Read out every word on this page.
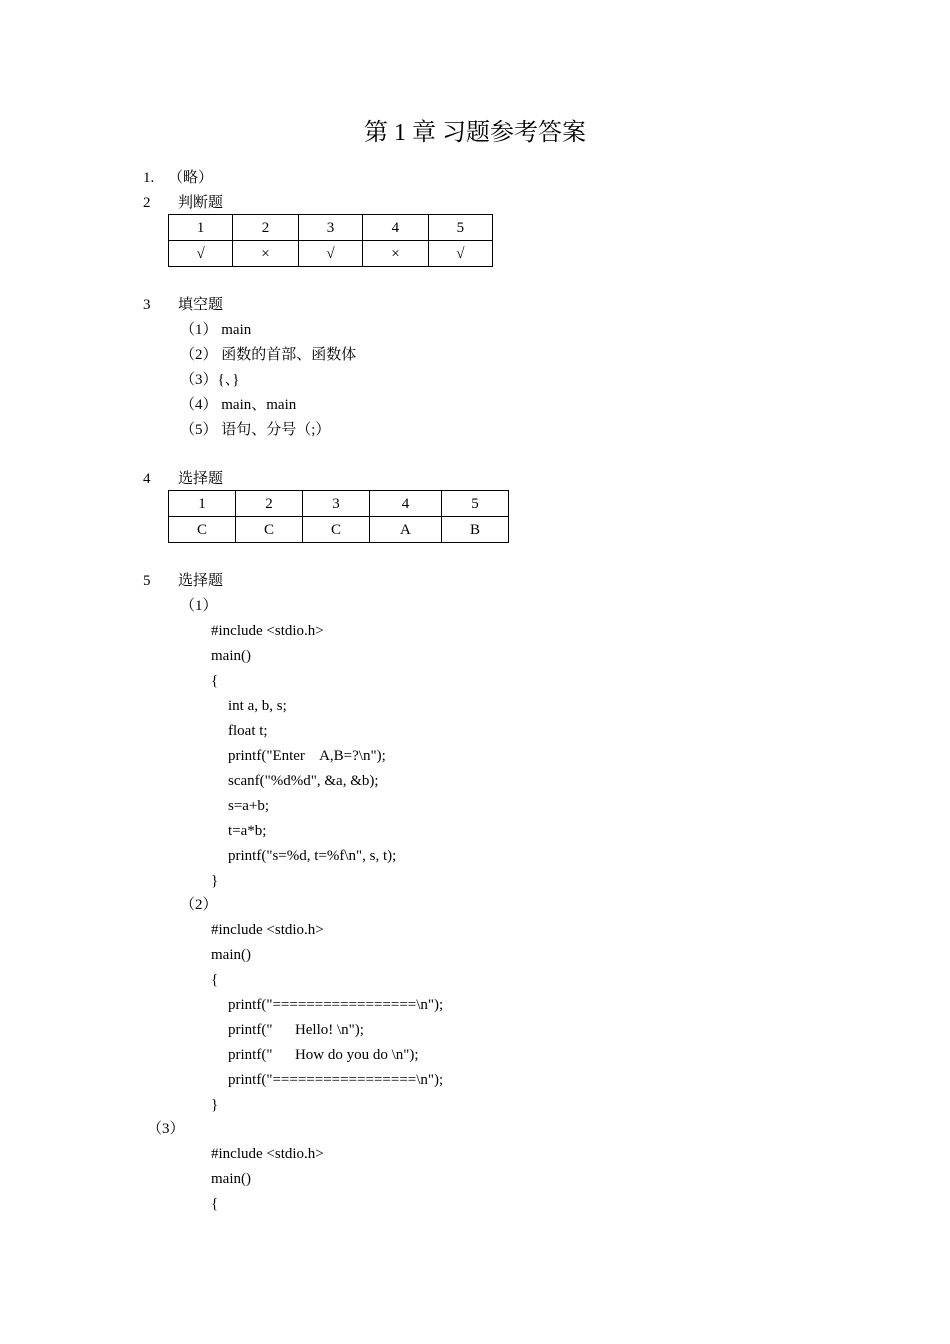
第 1 章 习题参考答案
1. （略）
2 判断题
1	2	3	4	5
√	×	√	×	√
3 填空题
（1） main
（2） 函数的首部、函数体
（3）{、}
（4） main、main
（5） 语句、分号（;）
4 选择题
1	2	3	4	5
C	C	C	A	B
5 选择题
（1）
#include <stdio.h>
main()
{
int a, b, s;
float t;
printf("Enter    A,B=?\n");
scanf("%d%d", &a, &b);
s=a+b;
t=a*b;
printf("s=%d, t=%f\n", s, t);
}
（2）
#include <stdio.h>
main()
{
printf("=================\n");
printf("      Hello! \n");
printf("      How do you do \n");
printf("=================\n");
}
（3）
#include <stdio.h>
main()
{
